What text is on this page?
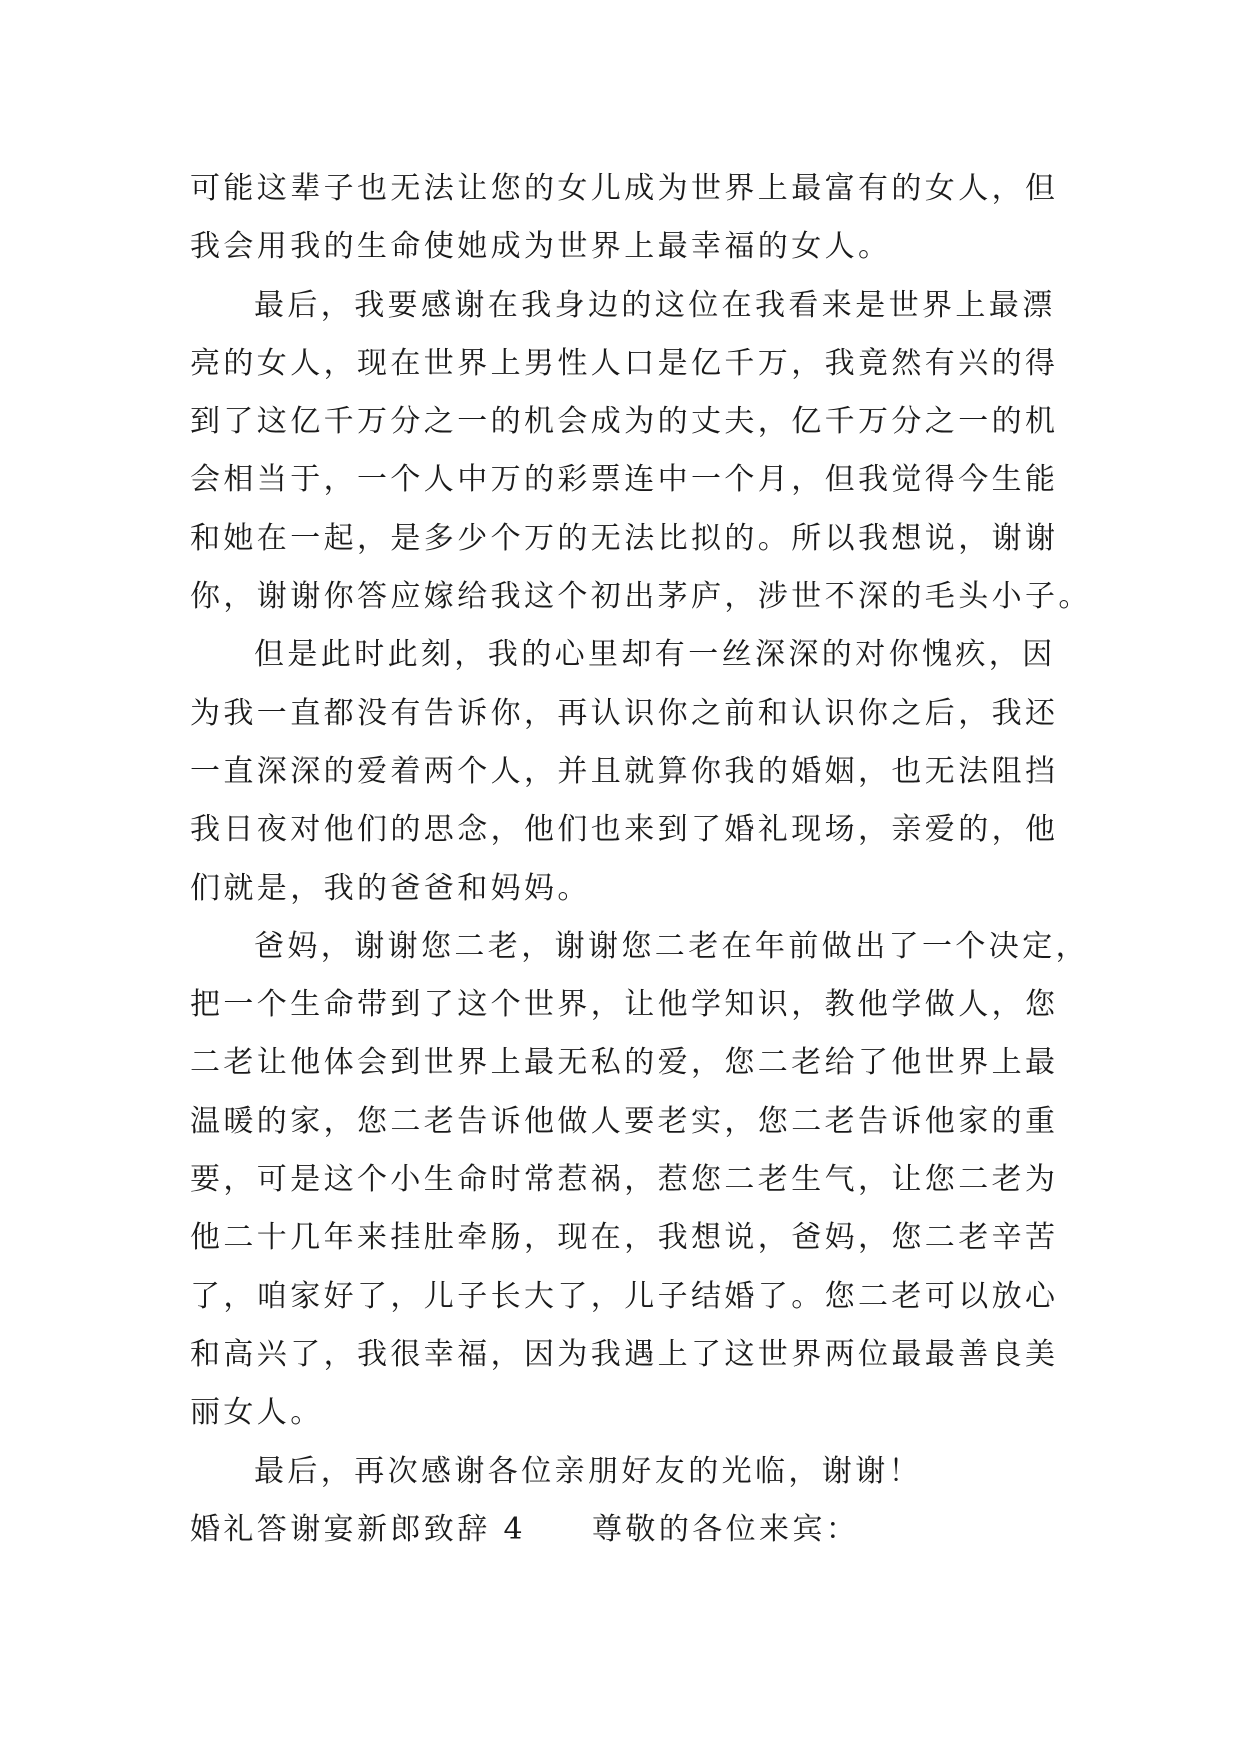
可能这辈子也无法让您的女儿成为世界上最富有的女人，但
我会用我的生命使她成为世界上最幸福的女人。
最后，我要感谢在我身边的这位在我看来是世界上最漂
亮的女人，现在世界上男性人口是亿千万，我竟然有兴的得
到了这亿千万分之一的机会成为的丈夫，亿千万分之一的机
会相当于，一个人中万的彩票连中一个月，但我觉得今生能
和她在一起，是多少个万的无法比拟的。所以我想说，谢谢
你，谢谢你答应嫁给我这个初出茅庐，涉世不深的毛头小子。
但是此时此刻，我的心里却有一丝深深的对你愧疚，因
为我一直都没有告诉你，再认识你之前和认识你之后，我还
一直深深的爱着两个人，并且就算你我的婚姻，也无法阻挡
我日夜对他们的思念，他们也来到了婚礼现场，亲爱的，他
们就是，我的爸爸和妈妈。
爸妈，谢谢您二老，谢谢您二老在年前做出了一个决定，
把一个生命带到了这个世界，让他学知识，教他学做人，您
二老让他体会到世界上最无私的爱，您二老给了他世界上最
温暖的家，您二老告诉他做人要老实，您二老告诉他家的重
要，可是这个小生命时常惹祸，惹您二老生气，让您二老为
他二十几年来挂肚牵肠，现在，我想说，爸妈，您二老辛苦
了，咱家好了，儿子长大了，儿子结婚了。您二老可以放心
和高兴了，我很幸福，因为我遇上了这世界两位最最善良美
丽女人。
最后，再次感谢各位亲朋好友的光临，谢谢！
婚礼答谢宴新郎致辞 4 尊敬的各位来宾：
